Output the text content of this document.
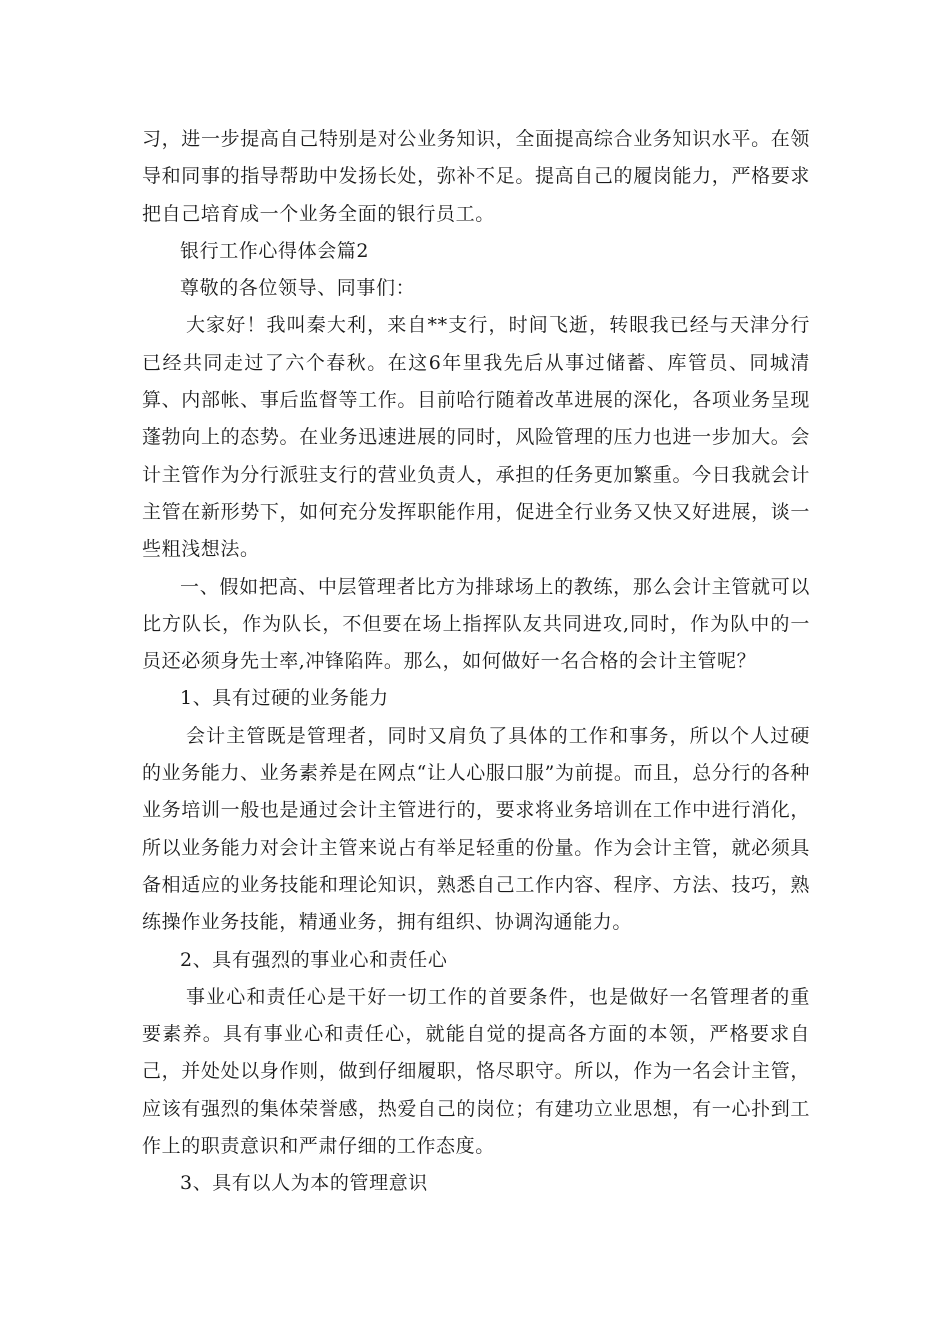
习，进一步提高自己特别是对公业务知识，全面提高综合业务知识水平。在领导和同事的指导帮助中发扬长处，弥补不足。提高自己的履岗能力，严格要求把自己培育成一个业务全面的银行员工。

银行工作心得体会篇2

尊敬的各位领导、同事们：

大家好！我叫秦大利，来自**支行，时间飞逝，转眼我已经与天津分行已经共同走过了六个春秋。在这6年里我先后从事过储蓄、库管员、同城清算、内部帐、事后监督等工作。目前哈行随着改革进展的深化，各项业务呈现蓬勃向上的态势。在业务迅速进展的同时，风险管理的压力也进一步加大。会计主管作为分行派驻支行的营业负责人，承担的任务更加繁重。今日我就会计主管在新形势下，如何充分发挥职能作用，促进全行业务又快又好进展，谈一些粗浅想法。

一、假如把高、中层管理者比方为排球场上的教练，那么会计主管就可以比方队长，作为队长，不但要在场上指挥队友共同进攻,同时，作为队中的一员还必须身先士率,冲锋陷阵。那么，如何做好一名合格的会计主管呢？

1、具有过硬的业务能力

会计主管既是管理者，同时又肩负了具体的工作和事务，所以个人过硬的业务能力、业务素养是在网点“让人心服口服”为前提。而且，总分行的各种业务培训一般也是通过会计主管进行的，要求将业务培训在工作中进行消化，所以业务能力对会计主管来说占有举足轻重的份量。作为会计主管，就必须具备相适应的业务技能和理论知识，熟悉自己工作内容、程序、方法、技巧，熟练操作业务技能，精通业务，拥有组织、协调沟通能力。

2、具有强烈的事业心和责任心

事业心和责任心是干好一切工作的首要条件，也是做好一名管理者的重要素养。具有事业心和责任心，就能自觉的提高各方面的本领，严格要求自己，并处处以身作则，做到仔细履职，恪尽职守。所以，作为一名会计主管，应该有强烈的集体荣誉感，热爱自己的岗位；有建功立业思想，有一心扑到工作上的职责意识和严肃仔细的工作态度。

3、具有以人为本的管理意识
